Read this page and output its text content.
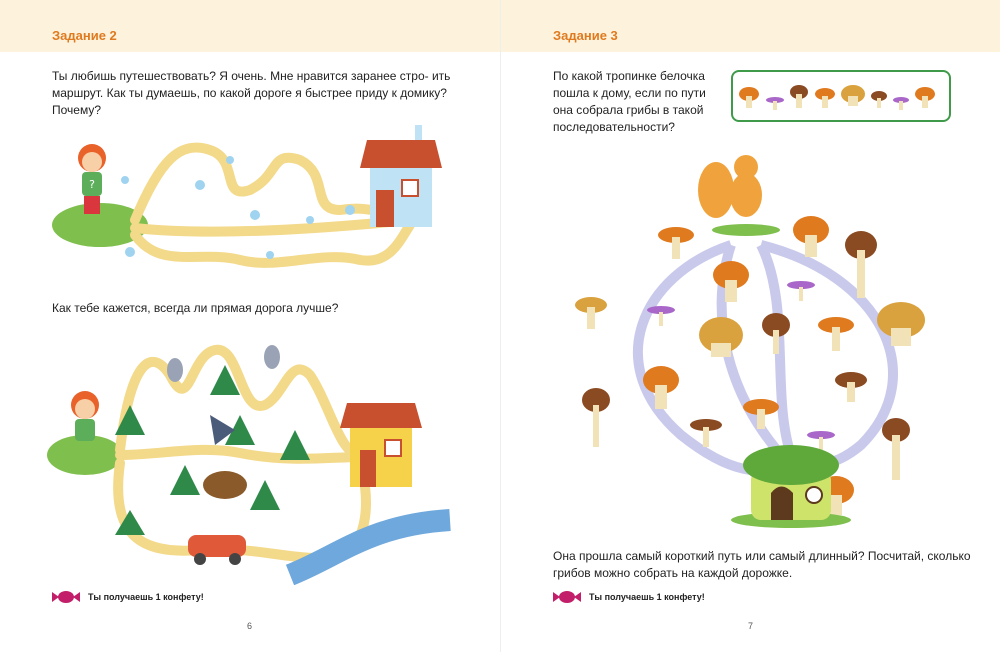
Задание 2
Ты любишь путешествовать? Я очень. Мне нравится заранее стро- ить маршрут. Как ты думаешь, по какой дороге я быстрее приду к домику? Почему?
?
Как тебе кажется, всегда ли прямая дорога лучше?
Ты получаешь 1 конфету!
6
Задание 3
По какой тропинке белочка пошла к дому, если по пути она собрала грибы в такой последовательности?
Она прошла самый короткий путь или самый длинный? Посчитай, сколько грибов можно собрать на каждой дорожке.
Ты получаешь 1 конфету!
7
